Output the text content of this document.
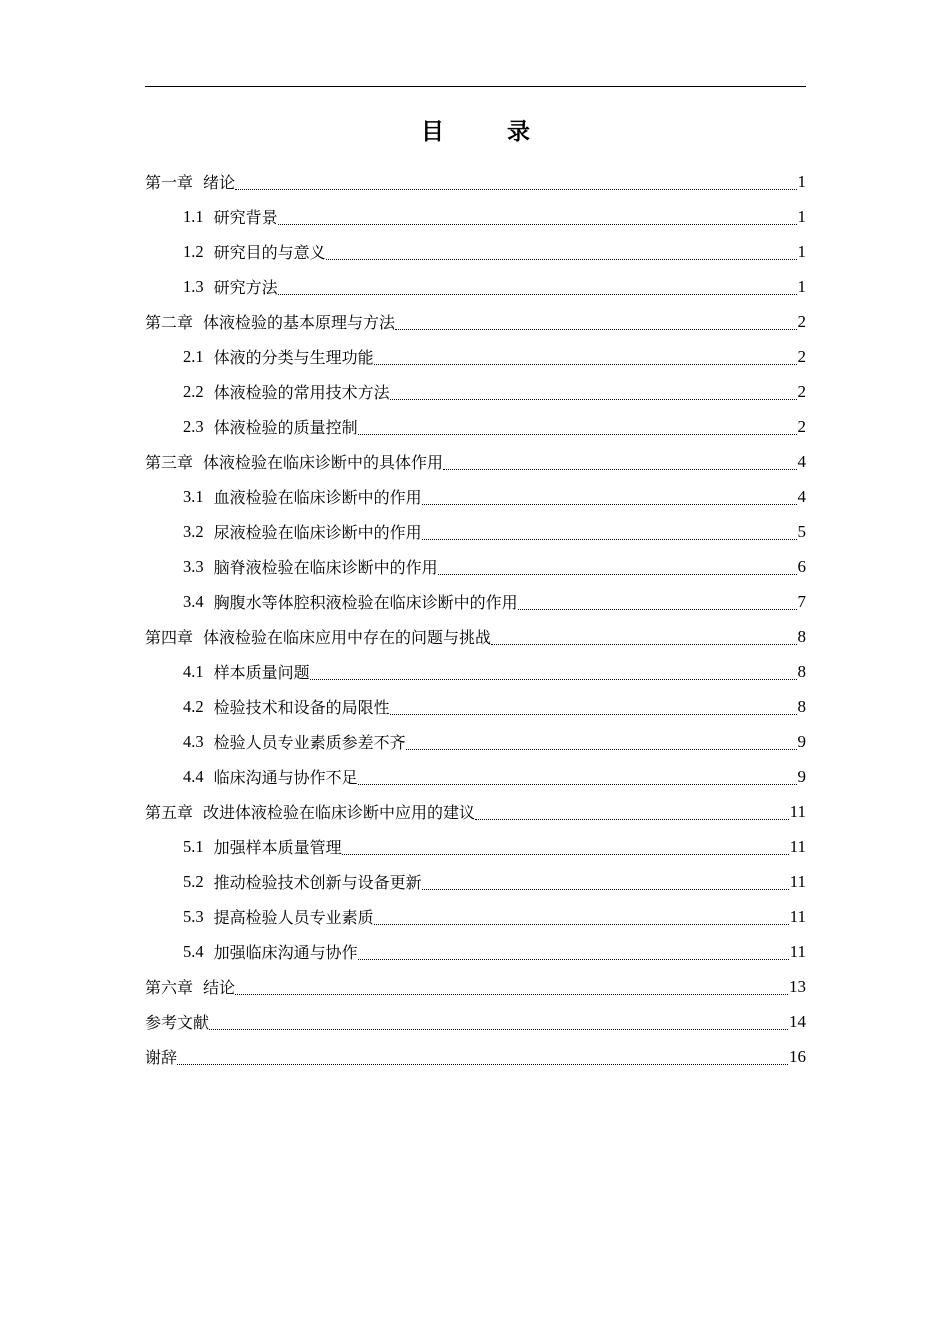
目　录
第一章 绪论	1
1.1 研究背景	1
1.2 研究目的与意义	1
1.3 研究方法	1
第二章 体液检验的基本原理与方法	2
2.1 体液的分类与生理功能	2
2.2 体液检验的常用技术方法	2
2.3 体液检验的质量控制	2
第三章 体液检验在临床诊断中的具体作用	4
3.1 血液检验在临床诊断中的作用	4
3.2 尿液检验在临床诊断中的作用	5
3.3 脑脊液检验在临床诊断中的作用	6
3.4 胸腹水等体腔积液检验在临床诊断中的作用	7
第四章 体液检验在临床应用中存在的问题与挑战	8
4.1 样本质量问题	8
4.2 检验技术和设备的局限性	8
4.3 检验人员专业素质参差不齐	9
4.4 临床沟通与协作不足	9
第五章 改进体液检验在临床诊断中应用的建议	11
5.1 加强样本质量管理	11
5.2 推动检验技术创新与设备更新	11
5.3 提高检验人员专业素质	11
5.4 加强临床沟通与协作	11
第六章 结论	13
参考文献	14
谢辞	16
